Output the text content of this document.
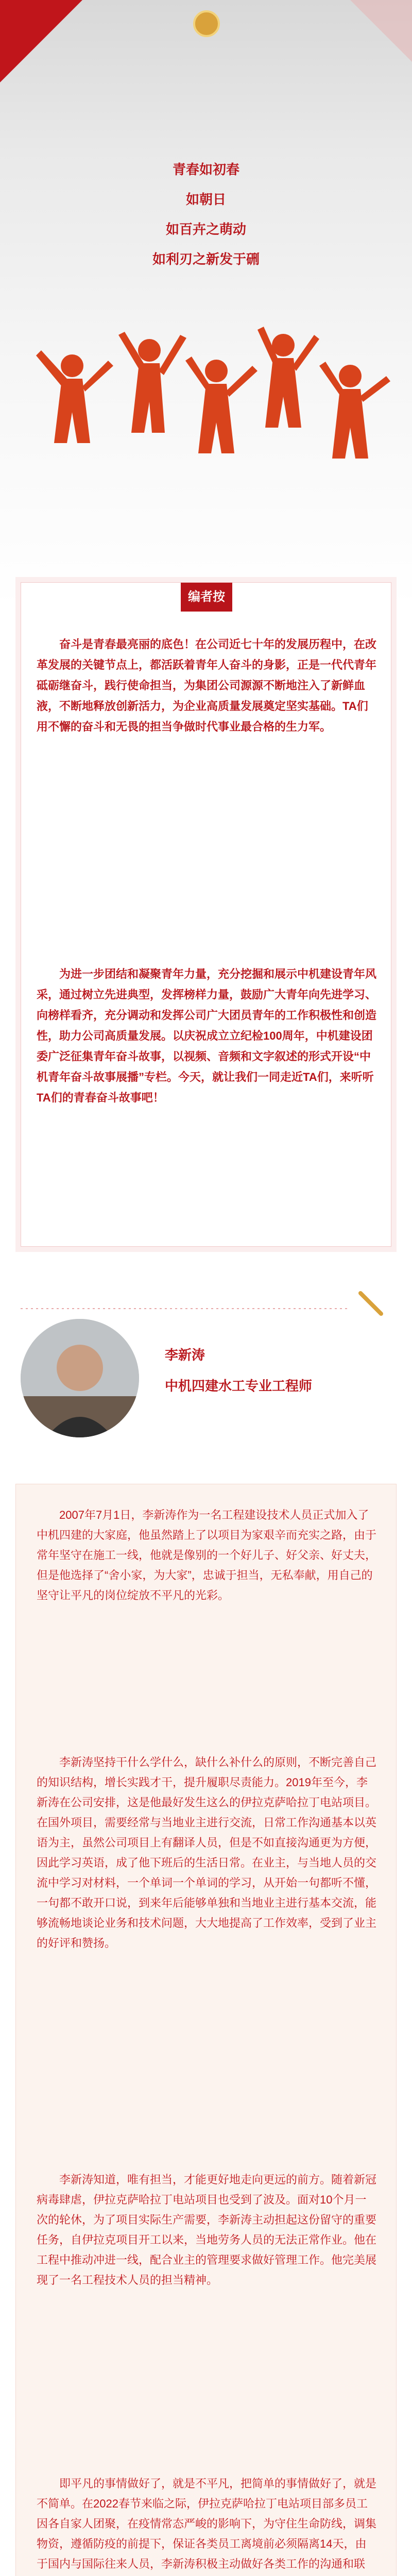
青春如初春
如朝日
如百卉之萌动
如利刃之新发于硎
编者按

奋斗是青春最亮丽的底色！在公司近七十年的发展历程中，在改革发展的关键节点上，都活跃着青年人奋斗的身影，正是一代代青年砥砺继奋斗，践行使命担当，为集团公司源源不断地注入了新鲜血液，不断地释放创新活力，为企业高质量发展奠定坚实基础。TA们用不懈的奋斗和无畏的担当争做时代事业最合格的生力军。

为进一步团结和凝聚青年力量，充分挖掘和展示中机建设青年风采，通过树立先进典型，发挥榜样力量，鼓励广大青年向先进学习、向榜样看齐，充分调动和发挥公司广大团员青年的工作积极性和创造性，助力公司高质量发展。以庆祝成立立纪检100周年，中机建设团委广泛征集青年奋斗故事，以视频、音频和文字叙述的形式开设“中机青年奋斗故事展播”专栏。今天，就让我们一同走近TA们，来听听TA们的青春奋斗故事吧！

李新涛
中机四建水工专业工程师

2007年7月1日，李新涛作为一名工程建设技术人员正式加入了中机四建的大家庭，他虽然踏上了以项目为家艰辛而充实之路，由于常年坚守在施工一线，他就是像别的一个好儿子、好父亲、好丈夫，但是他选择了“舍小家，为大家”，忠诚于担当，无私奉献，用自己的坚守让平凡的岗位绽放不平凡的光彩。

李新涛坚持干什么学什么，缺什么补什么的原则，不断完善自己的知识结构，增长实践才干，提升履职尽责能力。2019年至今，李新涛在公司安排，这是他最好发生这么的伊拉克萨哈拉丁电站项目。在国外项目，需要经常与当地业主进行交流，日常工作沟通基本以英语为主，虽然公司项目上有翻译人员，但是不如直接沟通更为方便，因此学习英语，成了他下班后的生活日常。在业主，与当地人员的交流中学习对材料，一个单词一个单词的学习，从开始一句都听不懂，一句都不敢开口说，到来年后能够单独和当地业主进行基本交流，能够流畅地谈论业务和技术问题，大大地提高了工作效率，受到了业主的好评和赞扬。

李新涛知道，唯有担当，才能更好地走向更远的前方。随着新冠病毒肆虐，伊拉克萨哈拉丁电站项目也受到了波及。面对10个月一次的轮休，为了项目实际生产需要，李新涛主动担起这份留守的重要任务，自伊拉克项目开工以来，当地劳务人员的无法正常作业。他在工程中推动冲进一线，配合业主的管理要求做好管理工作。他完美展现了一名工程技术人员的担当精神。

即平凡的事情做好了，就是不平凡，把简单的事情做好了，就是不简单。在2022春节来临之际，伊拉克萨哈拉丁电站项目部多员工因各自家人团聚，在疫情常态严峻的影响下，为守住生命防线，调集物资，遵循防疫的前提下，保证各类员工离境前必须隔离14天，由于国内与国际往来人员，李新涛积极主动做好各类工作的沟通和联
